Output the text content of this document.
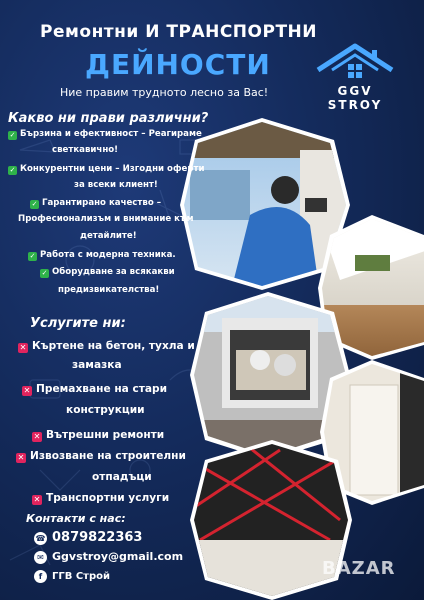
Ремонтни И ТРАНСПОРТНИ
ДЕЙНОСТИ
GGV
STROY
Ние правим трудното лесно за Вас!
Какво ни прави различни?
✓ Бързина и ефективност – Реагираме
светкавично!
✓ Конкурентни цени – Изгодни оферти
за всеки клиент!
✓ Гарантирано качество –
Професионализъм и внимание към
детайлите!
✓ Работа с модерна техника.
✓ Оборудване за всякакви
предизвикателства!
Услугите ни:
✕ Къртене на бетон, тухла и
замазка
✕ Премахване на стари
конструкции
✕ Вътрешни ремонти
✕ Извозване на строителни
отпадъци
✕ Транспортни услуги
Контакти с нас:
☎ 0879822363
✉ Ggvstroy@gmail.com
f ГГВ Строй	BAZAR
